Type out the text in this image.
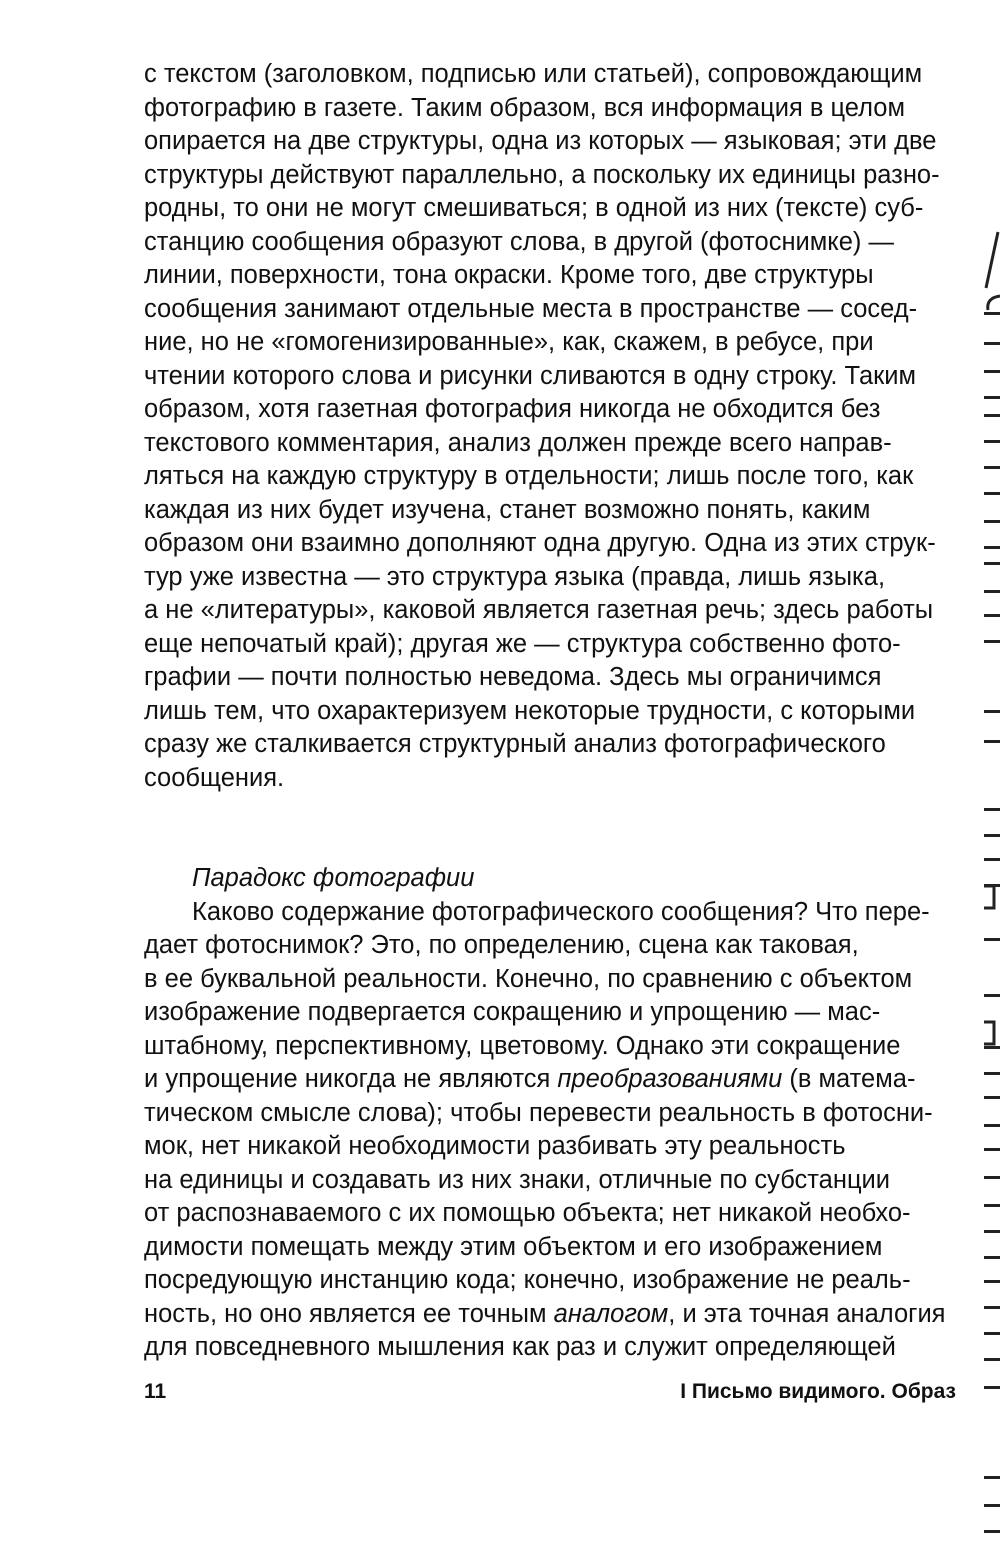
с текстом (заголовком, подписью или статьей), сопровождающим
фотографию в газете. Таким образом, вся информация в целом
опирается на две структуры, одна из которых — языковая; эти две
структуры действуют параллельно, а поскольку их единицы разно-
родны, то они не могут смешиваться; в одной из них (тексте) суб-
станцию сообщения образуют слова, в другой (фотоснимке) —
линии, поверхности, тона окраски. Кроме того, две структуры
сообщения занимают отдельные места в пространстве — сосед-
ние, но не «гомогенизированные», как, скажем, в ребусе, при
чтении которого слова и рисунки сливаются в одну строку. Таким
образом, хотя газетная фотография никогда не обходится без
текстового комментария, анализ должен прежде всего направ-
ляться на каждую структуру в отдельности; лишь после того, как
каждая из них будет изучена, станет возможно понять, каким
образом они взаимно дополняют одна другую. Одна из этих струк-
тур уже известна — это структура языка (правда, лишь языка,
а не «литературы», каковой является газетная речь; здесь работы
еще непочатый край); другая же — структура собственно фото-
графии — почти полностью неведома. Здесь мы ограничимся
лишь тем, что охарактеризуем некоторые трудности, с которыми
сразу же сталкивается структурный анализ фотографического
сообщения.
Парадокс фотографии
Каково содержание фотографического сообщения? Что пере-
дает фотоснимок? Это, по определению, сцена как таковая,
в ее буквальной реальности. Конечно, по сравнению с объектом
изображение подвергается сокращению и упрощению — мас-
штабному, перспективному, цветовому. Однако эти сокращение
и упрощение никогда не являются преобразованиями (в матема-
тическом смысле слова); чтобы перевести реальность в фотосни-
мок, нет никакой необходимости разбивать эту реальность
на единицы и создавать из них знаки, отличные по субстанции
от распознаваемого с их помощью объекта; нет никакой необхо-
димости помещать между этим объектом и его изображением
посредующую инстанцию кода; конечно, изображение не реаль-
ность, но оно является ее точным аналогом, и эта точная аналогия
для повседневного мышления как раз и служит определяющей
11	I Письмо видимого. Образ
